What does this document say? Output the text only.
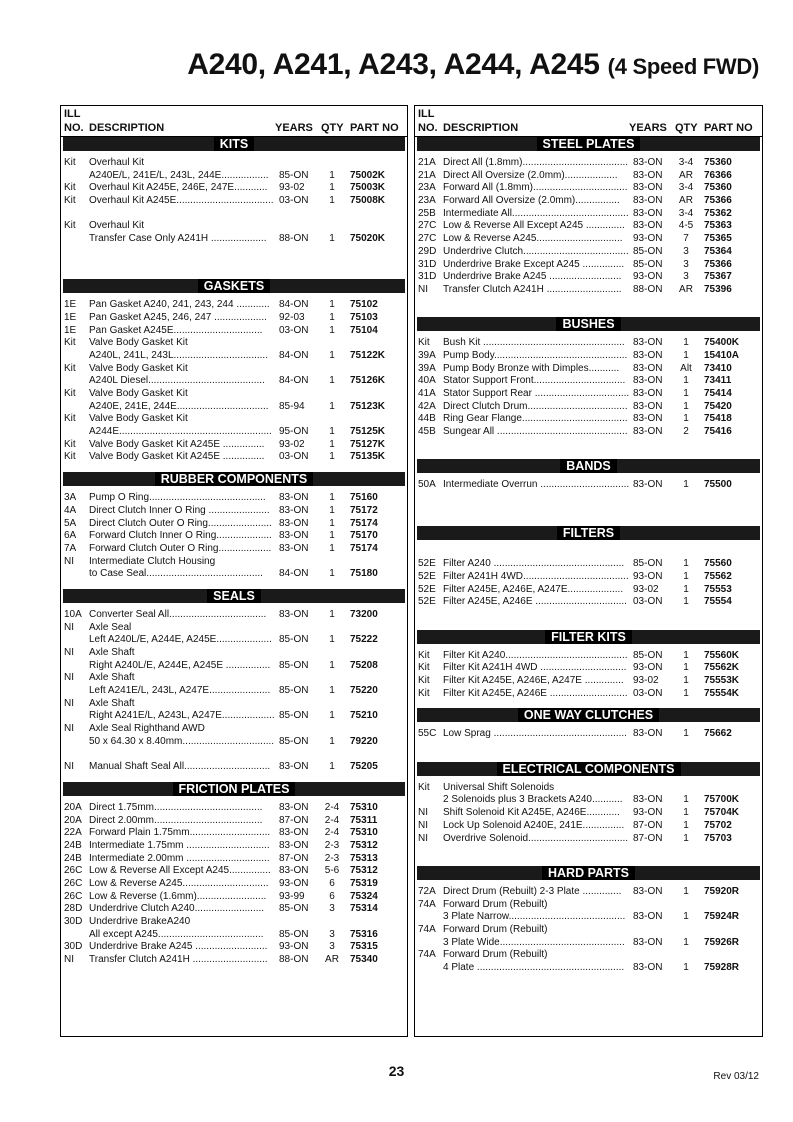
A240, A241, A243, A244, A245 (4 Speed FWD)
ILL
NO. DESCRIPTION	YEARS QTY PART NO
KITS
Kit Overhaul Kit
A240E/L, 241E/L, 243L, 244E................. 85-ON	1	75002K
Kit Overhaul Kit A245E, 246E, 247E............ 93-02	1	75003K
Kit Overhaul Kit A245E................................... 03-ON	1	75008K
Kit Overhaul Kit
Transfer Case Only A241H .................... 88-ON	1	75020K
GASKETS
1E Pan Gasket A240, 241, 243, 244 ............ 84-ON	1	75102
1E Pan Gasket A245, 246, 247 ................... 92-03	1	75103
1E Pan Gasket A245E................................ 03-ON	1	75104
Kit Valve Body Gasket Kit
A240L, 241L, 243L.................................. 84-ON	1	75122K
Kit Valve Body Gasket Kit
A240L Diesel.......................................... 84-ON	1	75126K
Kit Valve Body Gasket Kit
A240E, 241E, 244E................................. 85-94	1	75123K
Kit Valve Body Gasket Kit
A244E....................................................... 95-ON	1	75125K
Kit Valve Body Gasket Kit A245E ............... 93-02	1	75127K
Kit Valve Body Gasket Kit A245E ............... 03-ON	1	75135K
RUBBER COMPONENTS
3A Pump O Ring.......................................... 83-ON	1	75160
4A Direct Clutch Inner O Ring ...................... 83-ON	1	75172
5A Direct Clutch Outer O Ring....................... 83-ON	1	75174
6A Forward Clutch Inner O Ring.................... 83-ON	1	75170
7A Forward Clutch Outer O Ring................... 83-ON	1	75174
NI Intermediate Clutch Housing
to Case Seal.......................................... 84-ON	1	75180
SEALS
10A Converter Seal All................................... 83-ON	1	73200
NI Axle Seal
Left A240L/E, A244E, A245E.................... 85-ON	1	75222
NI Axle Shaft
Right A240L/E, A244E, A245E ................ 85-ON	1	75208
NI Axle Shaft
Left A241E/L, 243L, A247E...................... 85-ON	1	75220
NI Axle Shaft
Right A241E/L, A243L, A247E................... 85-ON	1	75210
NI Axle Seal Righthand AWD
50 x 64.30 x 8.40mm................................. 85-ON	1	79220
NI Manual Shaft Seal All............................... 83-ON	1	75205
FRICTION PLATES
20A Direct 1.75mm....................................... 83-ON 2-4 75310
20A Direct 2.00mm....................................... 87-ON 2-4 75311
22A Forward Plain 1.75mm............................. 83-ON 2-4 75310
24B Intermediate 1.75mm .............................. 83-ON 2-3 75312
24B Intermediate 2.00mm .............................. 87-ON 2-3 75313
26C Low & Reverse All Except A245............... 83-ON 5-6 75312
26C Low & Reverse A245............................... 93-ON	6	75319
26C Low & Reverse (1.6mm)......................... 93-99	6	75324
28D Underdrive Clutch A240......................... 85-ON	3	75314
30D Underdrive BrakeA240
All except A245...................................... 85-ON	3	75316
30D Underdrive Brake A245 .......................... 93-ON	3	75315
NI Transfer Clutch A241H ........................... 88-ON AR 75340
ILL
NO. DESCRIPTION	YEARS QTY PART NO
STEEL PLATES
21A Direct All (1.8mm)...................................... 83-ON 3-4 75360
21A Direct All Oversize (2.0mm)................... 83-ON AR 76366
23A Forward All (1.8mm).................................. 83-ON 3-4 75360
23A Forward All Oversize (2.0mm)................ 83-ON AR 75366
25B Intermediate All.......................................... 83-ON 3-4 75362
27C Low & Reverse All Except A245 .............. 83-ON 4-5 75363
27C Low & Reverse A245............................... 93-ON	7	75365
29D Underdrive Clutch...................................... 85-ON	3	75364
31D Underdrive Brake Except A245 ............... 85-ON	3	75366
31D Underdrive Brake A245 .......................... 93-ON	3	75367
NI Transfer Clutch A241H ........................... 88-ON AR 75396
BUSHES
Kit Bush Kit ................................................... 83-ON	1	75400K
39A Pump Body................................................ 83-ON	1	15410A
39A Pump Body Bronze with Dimples........... 83-ON	Alt	73410
40A Stator Support Front................................. 83-ON	1	73411
41A Stator Support Rear .................................. 83-ON	1	75414
42A Direct Clutch Drum.................................... 83-ON	1	75420
44B Ring Gear Flange...................................... 83-ON	1	75418
45B Sungear All ............................................... 83-ON	2	75416
BANDS
50A Intermediate Overrun ................................ 83-ON	1	75500
FILTERS
52E Filter A240 ............................................... 85-ON	1	75560
52E Filter A241H 4WD...................................... 93-ON	1	75562
52E Filter A245E, A246E, A247E.................... 93-02	1	75553
52E Filter A245E, A246E ................................. 03-ON	1	75554
FILTER KITS
Kit Filter Kit A240............................................ 85-ON	1	75560K
Kit Filter Kit A241H 4WD ............................... 93-ON	1	75562K
Kit Filter Kit A245E, A246E, A247E .............. 93-02	1	75553K
Kit Filter Kit A245E, A246E ............................ 03-ON	1	75554K
ONE WAY CLUTCHES
55C Low Sprag ................................................ 83-ON	1	75662
ELECTRICAL COMPONENTS
Kit Universal Shift Solenoids
2 Solenoids plus 3 Brackets A240........... 83-ON	1	75700K
NI Shift Solenoid Kit A245E, A246E............ 93-ON	1	75704K
NI Lock Up Solenoid A240E, 241E............... 87-ON	1	75702
NI Overdrive Solenoid.................................... 87-ON	1	75703
HARD PARTS
72A Direct Drum (Rebuilt) 2-3 Plate .............. 83-ON	1	75920R
74A Forward Drum (Rebuilt)
3 Plate Narrow.......................................... 83-ON	1	75924R
74A Forward Drum (Rebuilt)
3 Plate Wide............................................. 83-ON	1	75926R
74A Forward Drum (Rebuilt)
4 Plate ..................................................... 83-ON	1	75928R
23	Rev 03/12
